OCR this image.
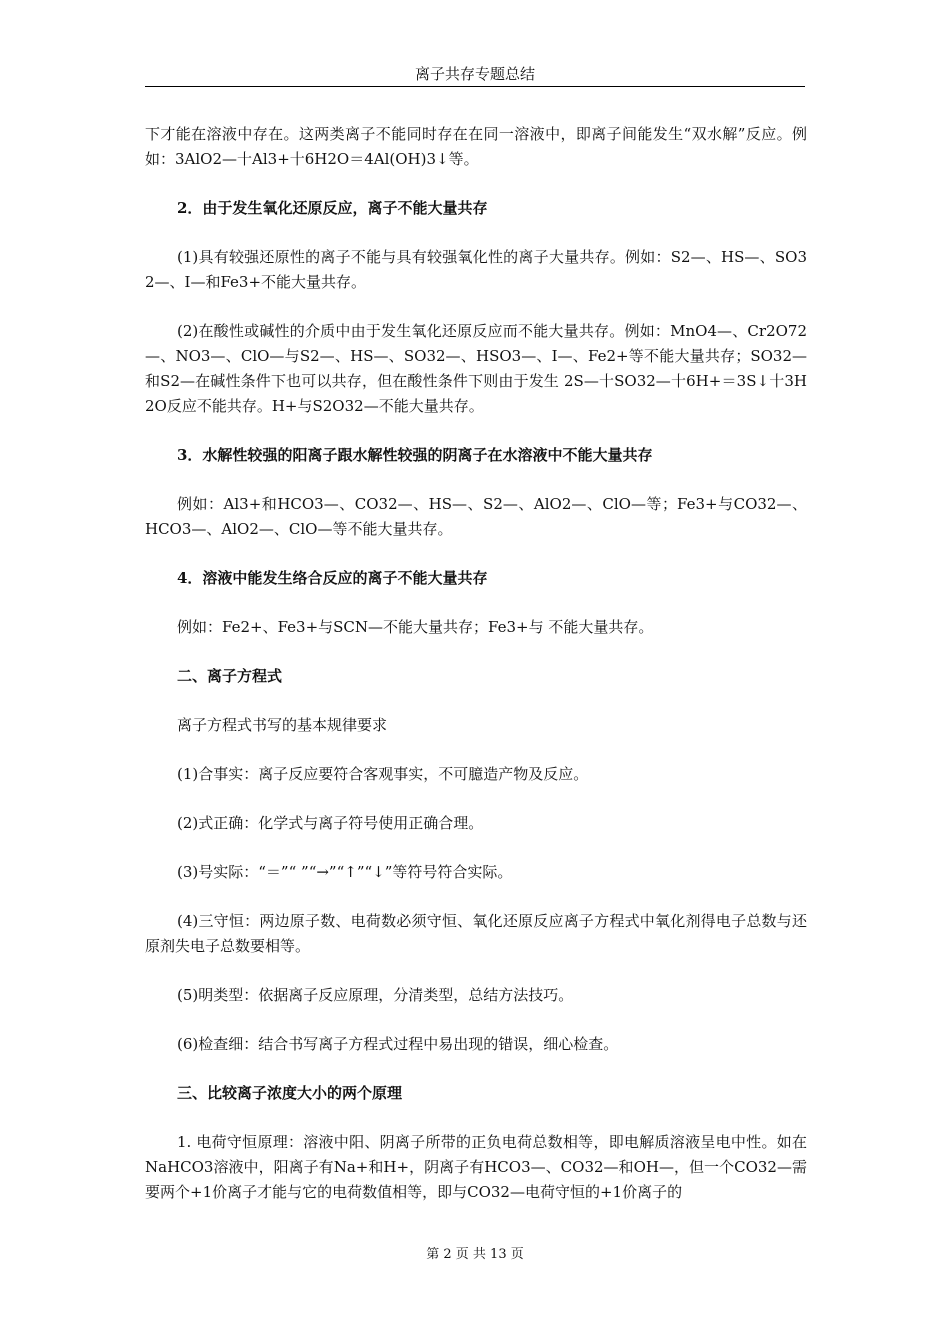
离子共存专题总结

下才能在溶液中存在。这两类离子不能同时存在在同一溶液中，即离子间能发生“双水解”反应。例如：3AlO2—十Al3+十6H2O＝4Al(OH)3↓等。

2．由于发生氧化还原反应，离子不能大量共存

(1)具有较强还原性的离子不能与具有较强氧化性的离子大量共存。例如：S2—、HS—、SO32—、I—和Fe3+不能大量共存。

(2)在酸性或碱性的介质中由于发生氧化还原反应而不能大量共存。例如：MnO4—、Cr2O72—、NO3—、ClO—与S2—、HS—、SO32—、HSO3—、I—、Fe2+等不能大量共存；SO32—和S2—在碱性条件下也可以共存，但在酸性条件下则由于发生 2S—十SO32—十6H+＝3S↓十3H2O反应不能共存。H+与S2O32—不能大量共存。

3．水解性较强的阳离子跟水解性较强的阴离子在水溶液中不能大量共存

例如：Al3+和HCO3—、CO32—、HS—、S2—、AlO2—、ClO—等；Fe3+与CO32—、HCO3—、AlO2—、ClO—等不能大量共存。

4．溶液中能发生络合反应的离子不能大量共存

例如：Fe2+、Fe3+与SCN—不能大量共存；Fe3+与 不能大量共存。

二、离子方程式

离子方程式书写的基本规律要求

(1)合事实：离子反应要符合客观事实，不可臆造产物及反应。

(2)式正确：化学式与离子符号使用正确合理。

(3)号实际：“＝”“ ”“→”“↑”“↓”等符号符合实际。

(4)三守恒：两边原子数、电荷数必须守恒、氧化还原反应离子方程式中氧化剂得电子总数与还原剂失电子总数要相等。

(5)明类型：依据离子反应原理，分清类型，总结方法技巧。

(6)检查细：结合书写离子方程式过程中易出现的错误，细心检查。

三、比较离子浓度大小的两个原理

1. 电荷守恒原理：溶液中阳、阴离子所带的正负电荷总数相等，即电解质溶液呈电中性。如在NaHCO3溶液中，阳离子有Na+和H+，阴离子有HCO3—、CO32—和OH—，但一个CO32—需要两个+1价离子才能与它的电荷数值相等，即与CO32—电荷守恒的+1价离子的

第 2 页 共 13 页
